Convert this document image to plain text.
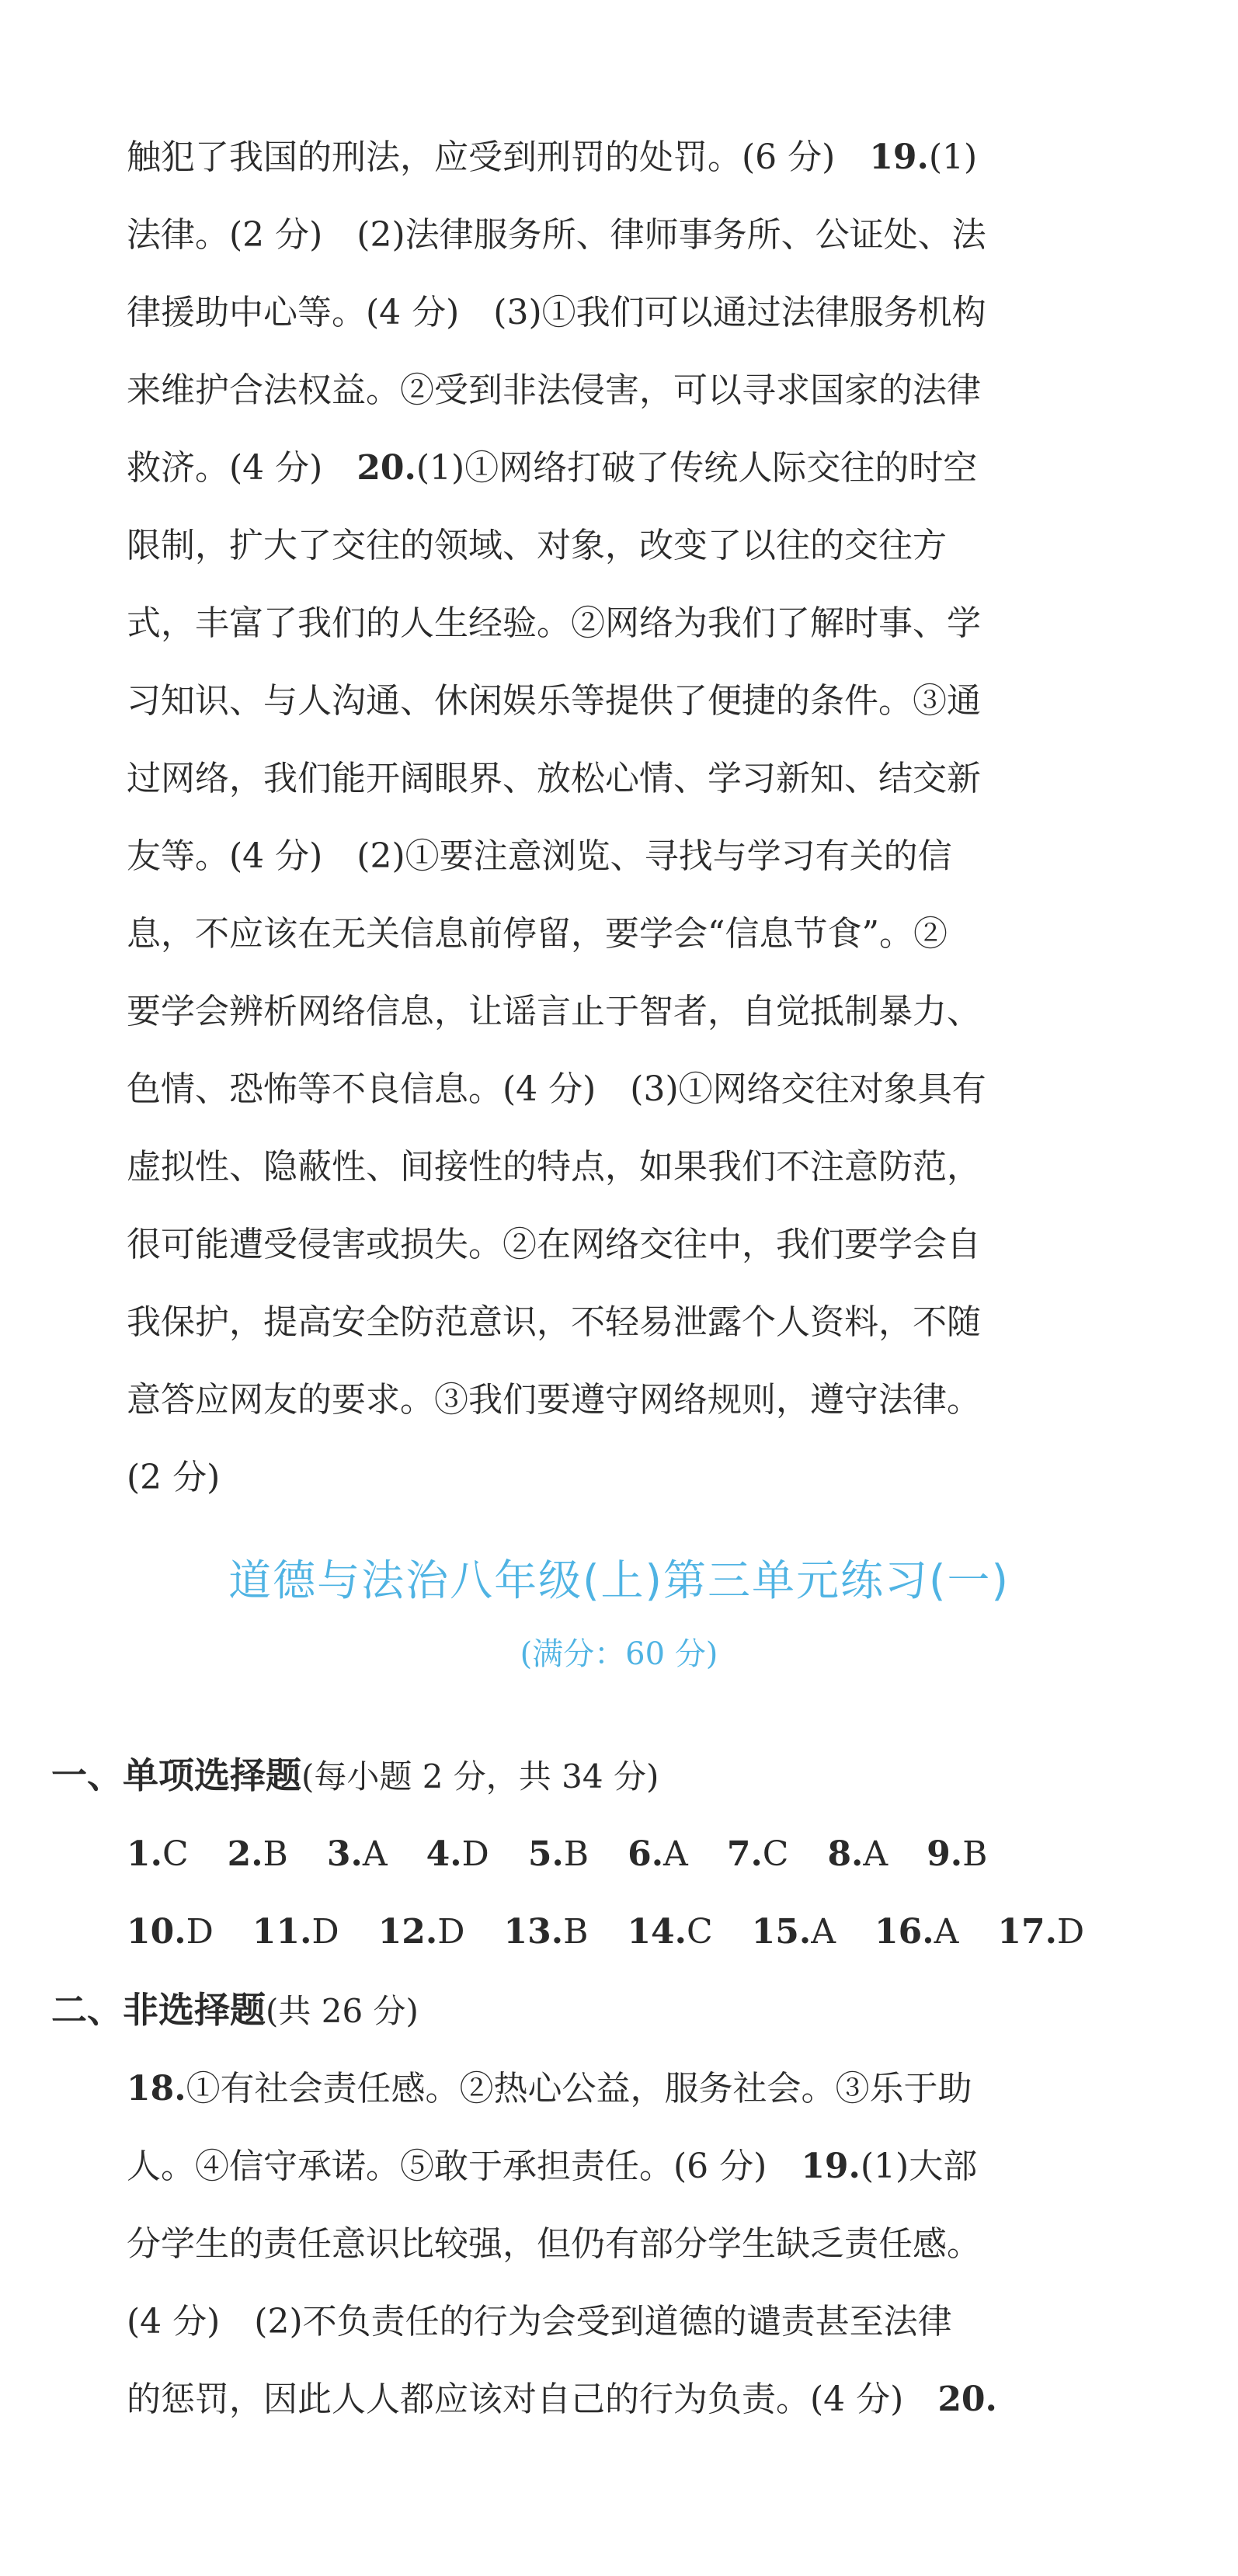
触犯了我国的刑法，应受到刑罚的处罚。(6 分)　19.(1)
法律。(2 分)　(2)法律服务所、律师事务所、公证处、法
律援助中心等。(4 分)　(3)①我们可以通过法律服务机构
来维护合法权益。②受到非法侵害，可以寻求国家的法律
救济。(4 分)　20.(1)①网络打破了传统人际交往的时空
限制，扩大了交往的领域、对象，改变了以往的交往方
式，丰富了我们的人生经验。②网络为我们了解时事、学
习知识、与人沟通、休闲娱乐等提供了便捷的条件。③通
过网络，我们能开阔眼界、放松心情、学习新知、结交新
友等。(4 分)　(2)①要注意浏览、寻找与学习有关的信
息，不应该在无关信息前停留，要学会“信息节食”。②
要学会辨析网络信息，让谣言止于智者，自觉抵制暴力、
色情、恐怖等不良信息。(4 分)　(3)①网络交往对象具有
虚拟性、隐蔽性、间接性的特点，如果我们不注意防范，
很可能遭受侵害或损失。②在网络交往中，我们要学会自
我保护，提高安全防范意识，不轻易泄露个人资料，不随
意答应网友的要求。③我们要遵守网络规则，遵守法律。
(2 分)
道德与法治八年级(上)第三单元练习(一)
(满分：60 分)
一、单项选择题(每小题 2 分，共 34 分)
1.C 2.B 3.A 4.D 5.B 6.A 7.C 8.A 9.B
10.D 11.D 12.D 13.B 14.C 15.A 16.A 17.D
二、非选择题(共 26 分)
18.①有社会责任感。②热心公益，服务社会。③乐于助
人。④信守承诺。⑤敢于承担责任。(6 分)　19.(1)大部
分学生的责任意识比较强，但仍有部分学生缺乏责任感。
(4 分)　(2)不负责任的行为会受到道德的谴责甚至法律
的惩罚，因此人人都应该对自己的行为负责。(4 分)　20.
